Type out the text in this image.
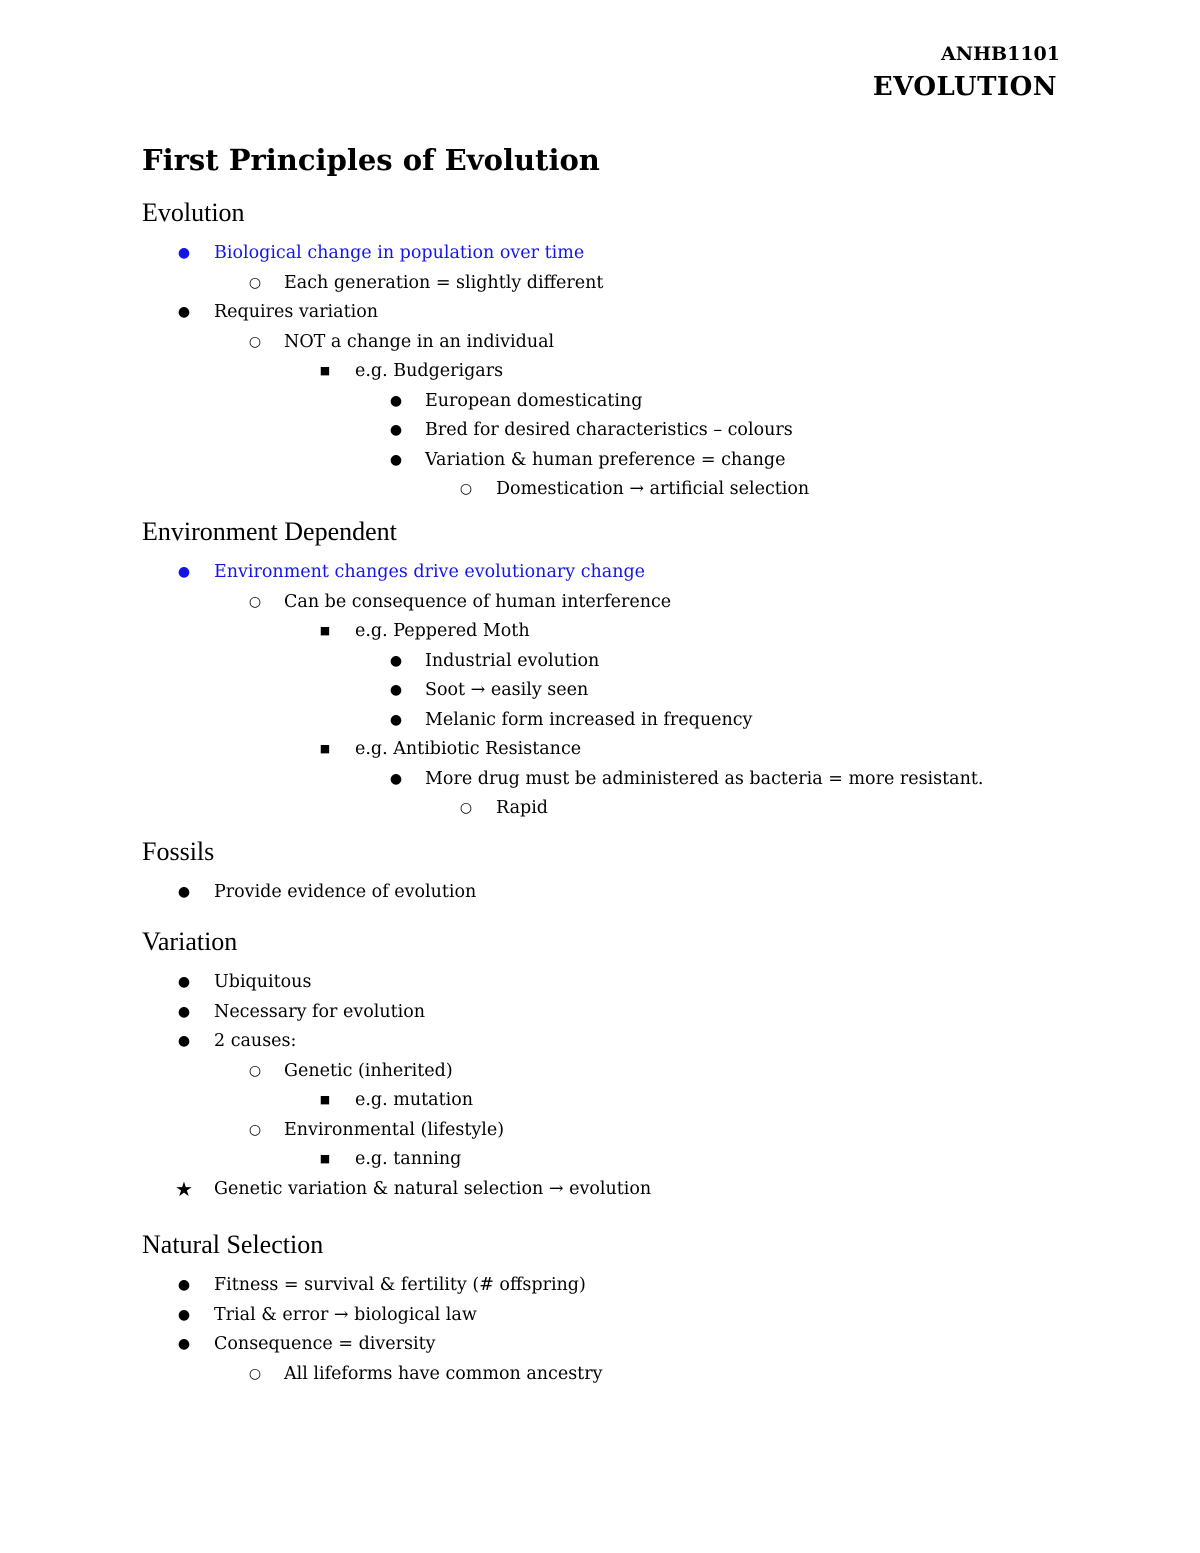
ANHB1101
EVOLUTION
First Principles of Evolution
Evolution
● Biological change in population over time
○ Each generation = slightly different
● Requires variation
○ NOT a change in an individual
■ e.g. Budgerigars
● European domesticating
● Bred for desired characteristics – colours
● Variation & human preference = change
○ Domestication → artificial selection
Environment Dependent
● Environment changes drive evolutionary change
○ Can be consequence of human interference
■ e.g. Peppered Moth
● Industrial evolution
● Soot → easily seen
● Melanic form increased in frequency
■ e.g. Antibiotic Resistance
● More drug must be administered as bacteria = more resistant.
○ Rapid
Fossils
● Provide evidence of evolution
Variation
● Ubiquitous
● Necessary for evolution
● 2 causes:
○ Genetic (inherited)
■ e.g. mutation
○ Environmental (lifestyle)
■ e.g. tanning
★ Genetic variation & natural selection → evolution
Natural Selection
● Fitness = survival & fertility (# offspring)
● Trial & error → biological law
● Consequence = diversity
○ All lifeforms have common ancestry
